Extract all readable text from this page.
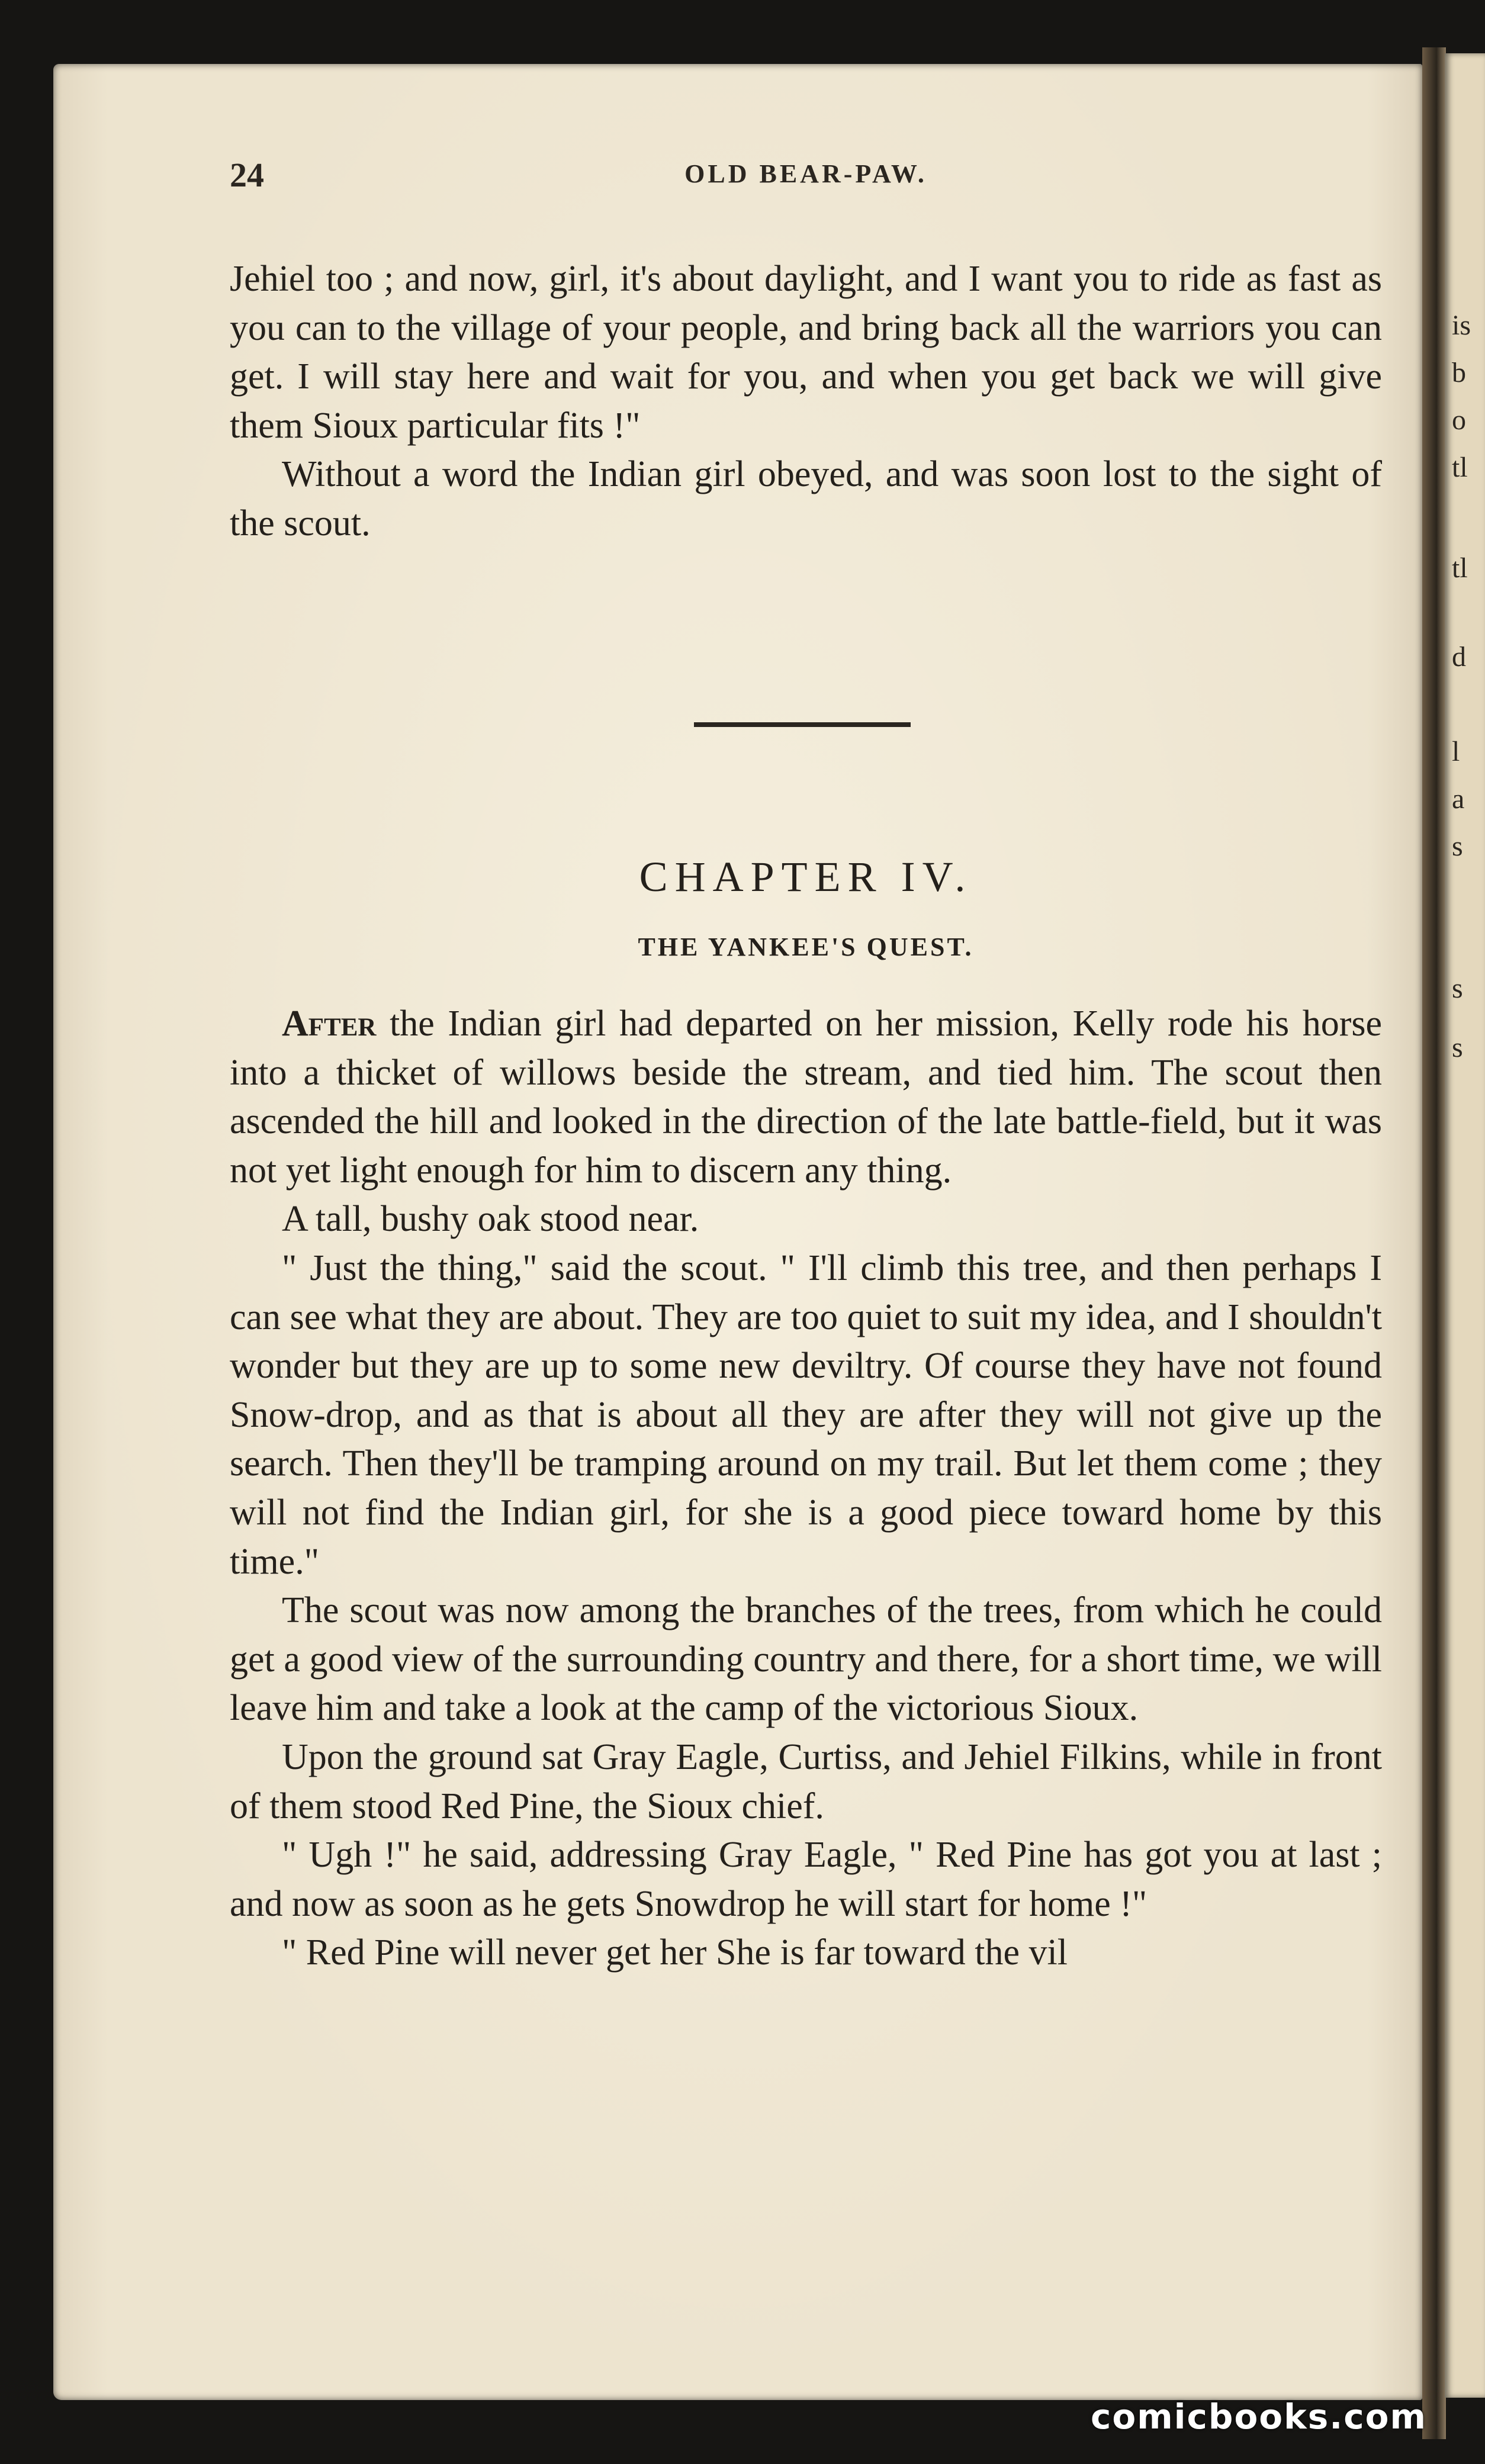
is
b
o
tl
tl
d
l
a
s
s
s
24	OLD BEAR-PAW.

Jehiel too ; and now, girl, it's about daylight, and I want you to ride as fast as you can to the village of your people, and bring back all the warriors you can get. I will stay here and wait for you, and when you get back we will give them Sioux particular fits !"

Without a word the Indian girl obeyed, and was soon lost to the sight of the scout.

CHAPTER IV.
THE YANKEE'S QUEST.

After the Indian girl had departed on her mission, Kelly rode his horse into a thicket of willows beside the stream, and tied him. The scout then ascended the hill and looked in the direction of the late battle-field, but it was not yet light enough for him to discern any thing.

A tall, bushy oak stood near.

" Just the thing," said the scout. " I'll climb this tree, and then perhaps I can see what they are about. They are too quiet to suit my idea, and I shouldn't wonder but they are up to some new deviltry. Of course they have not found Snow-drop, and as that is about all they are after they will not give up the search. Then they'll be tramping around on my trail. But let them come ; they will not find the Indian girl, for she is a good piece toward home by this time."

The scout was now among the branches of the trees, from which he could get a good view of the surrounding country and there, for a short time, we will leave him and take a look at the camp of the victorious Sioux.

Upon the ground sat Gray Eagle, Curtiss, and Jehiel Filkins, while in front of them stood Red Pine, the Sioux chief.

" Ugh !" he said, addressing Gray Eagle, " Red Pine has got you at last ; and now as soon as he gets Snowdrop he will start for home !"

" Red Pine will never get her She is far toward the vil

comicbooks.com
